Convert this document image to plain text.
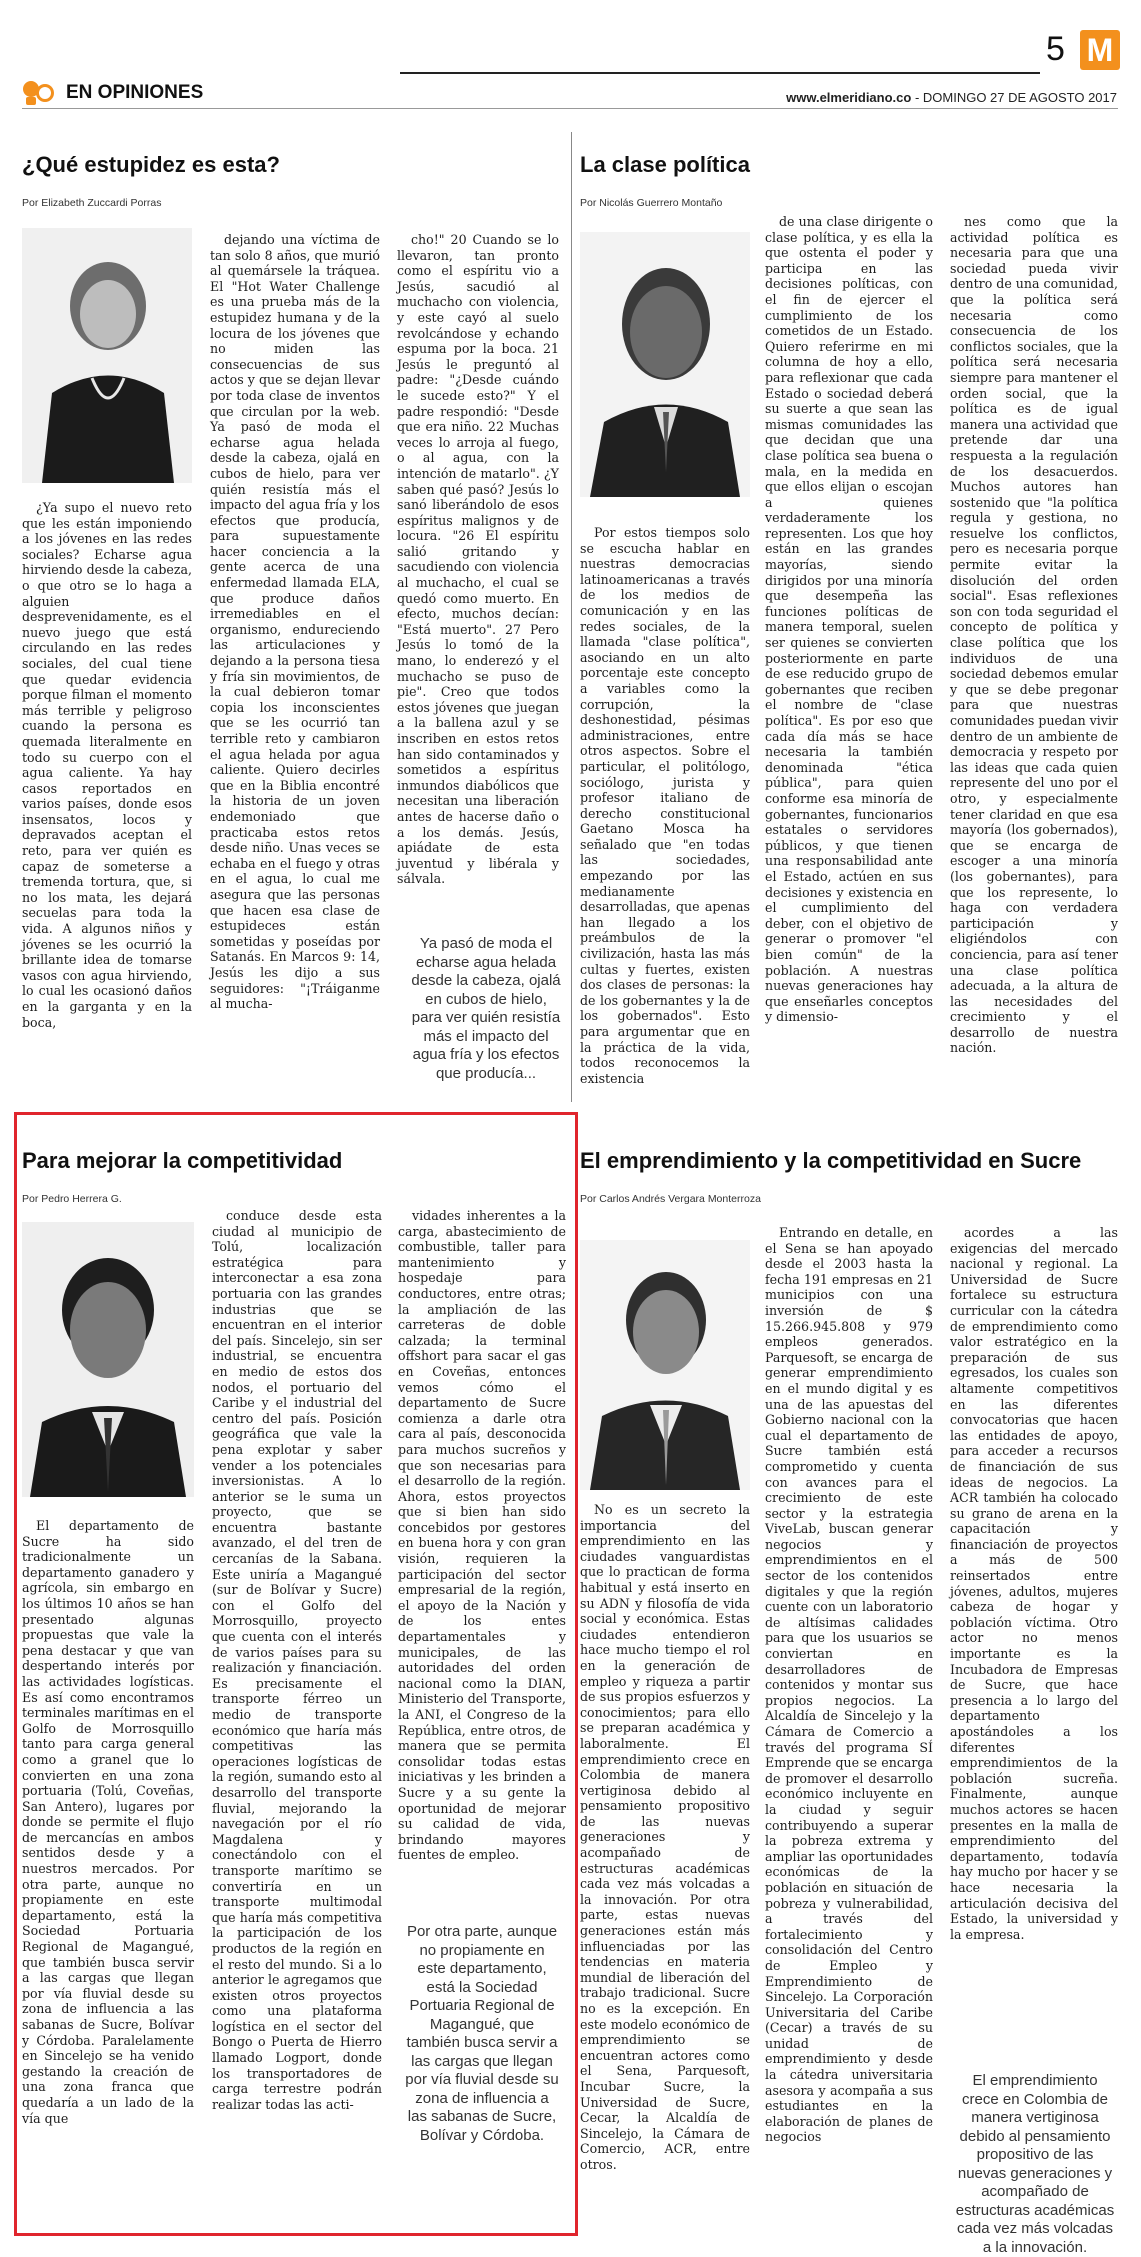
5 M
EN OPINIONES	www.elmeridiano.co - DOMINGO 27 DE AGOSTO 2017
¿Qué estupidez es esta?
Por Elizabeth Zuccardi Porras

¿Ya supo el nuevo reto que les están imponiendo a los jóvenes en las redes sociales? Echarse agua hirviendo desde la cabeza, o que otro se lo haga a alguien desprevenidamente, es el nuevo juego que está circulando en las redes sociales, del cual tiene que quedar evidencia porque filman el momento más terrible y peligroso cuando la persona es quemada literalmente en todo su cuerpo con el agua caliente. Ya hay casos reportados en varios países, donde esos insensatos, locos y depravados aceptan el reto, para ver quién es capaz de someterse a tremenda tortura, que, si no los mata, les dejará secuelas para toda la vida. A algunos niños y jóvenes se les ocurrió la brillante idea de tomarse vasos con agua hirviendo, lo cual les ocasionó daños en la garganta y en la boca,

dejando una víctima de tan solo 8 años, que murió al quemársele la tráquea. El "Hot Water Challenge es una prueba más de la estupidez humana y de la locura de los jóvenes que no miden las consecuencias de sus actos y que se dejan llevar por toda clase de inventos que circulan por la web. Ya pasó de moda el echarse agua helada desde la cabeza, ojalá en cubos de hielo, para ver quién resistía más el impacto del agua fría y los efectos que producía, para supuestamente hacer conciencia a la gente acerca de una enfermedad llamada ELA, que produce daños irremediables en el organismo, endureciendo las articulaciones y dejando a la persona tiesa y fría sin movimientos, de la cual debieron tomar copia los inconscientes que se les ocurrió tan terrible reto y cambiaron el agua helada por agua caliente. Quiero decirles que en la Biblia encontré la historia de un joven endemoniado que practicaba estos retos desde niño. Unas veces se echaba en el fuego y otras en el agua, lo cual me asegura que las personas que hacen esa clase de estupideces están sometidas y poseídas por Satanás. En Marcos 9: 14, Jesús les dijo a sus seguidores: "¡Tráiganme al mucha-

cho!" 20 Cuando se lo llevaron, tan pronto como el espíritu vio a Jesús, sacudió al muchacho con violencia, y este cayó al suelo revolcándose y echando espuma por la boca. 21 Jesús le preguntó al padre: "¿Desde cuándo le sucede esto?" Y el padre respondió: "Desde que era niño. 22 Muchas veces lo arroja al fuego, o al agua, con la intención de matarlo". ¿Y saben qué pasó? Jesús lo sanó liberándolo de esos espíritus malignos y de locura. "26 El espíritu salió gritando y sacudiendo con violencia al muchacho, el cual se quedó como muerto. En efecto, muchos decían: "Está muerto". 27 Pero Jesús lo tomó de la mano, lo enderezó y el muchacho se puso de pie". Creo que todos estos jóvenes que juegan a la ballena azul y se inscriben en estos retos han sido contaminados y sometidos a espíritus inmundos diabólicos que necesitan una liberación antes de hacerse daño o a los demás. Jesús, apiádate de esta juventud y libérala y sálvala.

Ya pasó de moda el echarse agua helada desde la cabeza, ojalá en cubos de hielo, para ver quién resistía más el impacto del agua fría y los efectos que producía...
La clase política
Por Nicolás Guerrero Montaño

Por estos tiempos solo se escucha hablar en nuestras democracias latinoamericanas a través de los medios de comunicación y en las redes sociales, de la llamada "clase política", asociando en un alto porcentaje este concepto a variables como la corrupción, la deshonestidad, pésimas administraciones, entre otros aspectos. Sobre el particular, el politólogo, sociólogo, jurista y profesor italiano de derecho constitucional Gaetano Mosca ha señalado que "en todas las sociedades, empezando por las medianamente desarrolladas, que apenas han llegado a los preámbulos de la civilización, hasta las más cultas y fuertes, existen dos clases de personas: la de los gobernantes y la de los gobernados". Esto para argumentar que en la práctica de la vida, todos reconocemos la existencia

de una clase dirigente o clase política, y es ella la que ostenta el poder y participa en las decisiones políticas, con el fin de ejercer el cumplimiento de los cometidos de un Estado. Quiero referirme en mi columna de hoy a ello, para reflexionar que cada Estado o sociedad deberá su suerte a que sean las mismas comunidades las que decidan que una clase política sea buena o mala, en la medida en que ellos elijan o escojan a quienes verdaderamente los representen. Los que hoy están en las grandes mayorías, siendo dirigidos por una minoría que desempeña las funciones políticas de manera temporal, suelen ser quienes se convierten posteriormente en parte de ese reducido grupo de gobernantes que reciben el nombre de "clase política". Es por eso que cada día más se hace necesaria la también denominada "ética pública", para quien conforme esa minoría de gobernantes, funcionarios estatales o servidores públicos, y que tienen una responsabilidad ante el Estado, actúen en sus decisiones y existencia en el cumplimiento del deber, con el objetivo de generar o promover "el bien común" de la población. A nuestras nuevas generaciones hay que enseñarles conceptos y dimensio-

nes como que la actividad política es necesaria para que una sociedad pueda vivir dentro de una comunidad, que la política será necesaria como consecuencia de los conflictos sociales, que la política será necesaria siempre para mantener el orden social, que la política es de igual manera una actividad que pretende dar una respuesta a la regulación de los desacuerdos. Muchos autores han sostenido que "la política regula y gestiona, no resuelve los conflictos, pero es necesaria porque permite evitar la disolución del orden social". Esas reflexiones son con toda seguridad el concepto de política y clase política que los individuos de una sociedad debemos emular y que se debe pregonar para que nuestras comunidades puedan vivir dentro de un ambiente de democracia y respeto por las ideas que cada quien represente del uno por el otro, y especialmente tener claridad en que esa mayoría (los gobernados), que se encarga de escoger a una minoría (los gobernantes), para que los represente, lo haga con verdadera participación y eligiéndolos con conciencia, para así tener una clase política adecuada, a la altura de las necesidades del crecimiento y el desarrollo de nuestra nación.

Para mejorar la competitividad
Por Pedro Herrera G.

El departamento de Sucre ha sido tradicionalmente un departamento ganadero y agrícola, sin embargo en los últimos 10 años se han presentado algunas propuestas que vale la pena destacar y que van despertando interés por las actividades logísticas. Es así como encontramos terminales marítimas en el Golfo de Morrosquillo tanto para carga general como a granel que lo convierten en una zona portuaria (Tolú, Coveñas, San Antero), lugares por donde se permite el flujo de mercancías en ambos sentidos desde y a nuestros mercados. Por otra parte, aunque no propiamente en este departamento, está la Sociedad Portuaria Regional de Magangué, que también busca servir a las cargas que llegan por vía fluvial desde su zona de influencia a las sabanas de Sucre, Bolívar y Córdoba. Paralelamente en Sincelejo se ha venido gestando la creación de una zona franca que quedaría a un lado de la vía que

conduce desde esta ciudad al municipio de Tolú, localización estratégica para interconectar a esa zona portuaria con las grandes industrias que se encuentran en el interior del país. Sincelejo, sin ser industrial, se encuentra en medio de estos dos nodos, el portuario del Caribe y el industrial del centro del país. Posición geográfica que vale la pena explotar y saber vender a los potenciales inversionistas. A lo anterior se le suma un proyecto, que se encuentra bastante avanzado, el del tren de cercanías de la Sabana. Este uniría a Magangué (sur de Bolívar y Sucre) con el Golfo del Morrosquillo, proyecto que cuenta con el interés de varios países para su realización y financiación. Es precisamente el transporte férreo un medio de transporte económico que haría más competitivas las operaciones logísticas de la región, sumando esto al desarrollo del transporte fluvial, mejorando la navegación por el río Magdalena y conectándolo con el transporte marítimo se convertiría en un transporte multimodal que haría más competitiva la participación de los productos de la región en el resto del mundo. Si a lo anterior le agregamos que existen otros proyectos como una plataforma logística en el sector del Bongo o Puerta de Hierro llamado Logport, donde los transportadores de carga terrestre podrán realizar todas las acti-

vidades inherentes a la carga, abastecimiento de combustible, taller para mantenimiento y hospedaje para conductores, entre otras; la ampliación de las carreteras de doble calzada; la terminal offshort para sacar el gas en Coveñas, entonces vemos cómo el departamento de Sucre comienza a darle otra cara al país, desconocida para muchos sucreños y que son necesarias para el desarrollo de la región. Ahora, estos proyectos que si bien han sido concebidos por gestores en buena hora y con gran visión, requieren la participación del sector empresarial de la región, el apoyo de la Nación y de los entes departamentales y municipales, de las autoridades del orden nacional como la DIAN, Ministerio del Transporte, la ANI, el Congreso de la República, entre otros, de manera que se permita consolidar todas estas iniciativas y les brinden a Sucre y a su gente la oportunidad de mejorar su calidad de vida, brindando mayores fuentes de empleo.

Por otra parte, aunque no propiamente en este departamento, está la Sociedad Portuaria Regional de Magangué, que también busca servir a las cargas que llegan por vía fluvial desde su zona de influencia a las sabanas de Sucre, Bolívar y Córdoba.
El emprendimiento y la competitividad en Sucre
Por Carlos Andrés Vergara Monterroza

No es un secreto la importancia del emprendimiento en las ciudades vanguardistas que lo practican de forma habitual y está inserto en su ADN y filosofía de vida social y económica. Estas ciudades entendieron hace mucho tiempo el rol en la generación de empleo y riqueza a partir de sus propios esfuerzos y conocimientos; para ello se preparan académica y laboralmente. El emprendimiento crece en Colombia de manera vertiginosa debido al pensamiento propositivo de las nuevas generaciones y acompañado de estructuras académicas cada vez más volcadas a la innovación. Por otra parte, estas nuevas generaciones están más influenciadas por las tendencias en materia mundial de liberación del trabajo tradicional. Sucre no es la excepción. En este modelo económico de emprendimiento se encuentran actores como el Sena, Parquesoft, Incubar Sucre, la Universidad de Sucre, Cecar, la Alcaldía de Sincelejo, la Cámara de Comercio, ACR, entre otros.

Entrando en detalle, en el Sena se han apoyado desde el 2003 hasta la fecha 191 empresas en 21 municipios con una inversión de $ 15.266.945.808 y 979 empleos generados. Parquesoft, se encarga de generar emprendimiento en el mundo digital y es una de las apuestas del Gobierno nacional con la cual el departamento de Sucre también está comprometido y cuenta con avances para el crecimiento de este sector y la estrategia ViveLab, buscan generar negocios y emprendimientos en el sector de los contenidos digitales y que la región cuente con un laboratorio de altísimas calidades para que los usuarios se conviertan en desarrolladores de contenidos y montar sus propios negocios. La Alcaldía de Sincelejo y la Cámara de Comercio a través del programa SÍ Emprende que se encarga de promover el desarrollo económico incluyente en la ciudad y seguir contribuyendo a superar la pobreza extrema y ampliar las oportunidades económicas de la población en situación de pobreza y vulnerabilidad, a través del fortalecimiento y consolidación del Centro de Empleo y Emprendimiento de Sincelejo. La Corporación Universitaria del Caribe (Cecar) a través de su unidad de emprendimiento y desde la cátedra universitaria asesora y acompaña a sus estudiantes en la elaboración de planes de negocios

acordes a las exigencias del mercado nacional y regional. La Universidad de Sucre fortalece su estructura curricular con la cátedra de emprendimiento como valor estratégico en la preparación de sus egresados, los cuales son altamente competitivos en las diferentes convocatorias que hacen las entidades de apoyo, para acceder a recursos de financiación de sus ideas de negocios. La ACR también ha colocado su grano de arena en la capacitación y financiación de proyectos a más de 500 reinsertados entre jóvenes, adultos, mujeres cabeza de hogar y población víctima. Otro actor no menos importante es la Incubadora de Empresas de Sucre, que hace presencia a lo largo del departamento apostándoles a los diferentes emprendimientos de la población sucreña. Finalmente, aunque muchos actores se hacen presentes en la malla de emprendimiento del departamento, todavía hay mucho por hacer y se hace necesaria la articulación decisiva del Estado, la universidad y la empresa.

El emprendimiento crece en Colombia de manera vertiginosa debido al pensamiento propositivo de las nuevas generaciones y acompañado de estructuras académicas cada vez más volcadas a la innovación.
